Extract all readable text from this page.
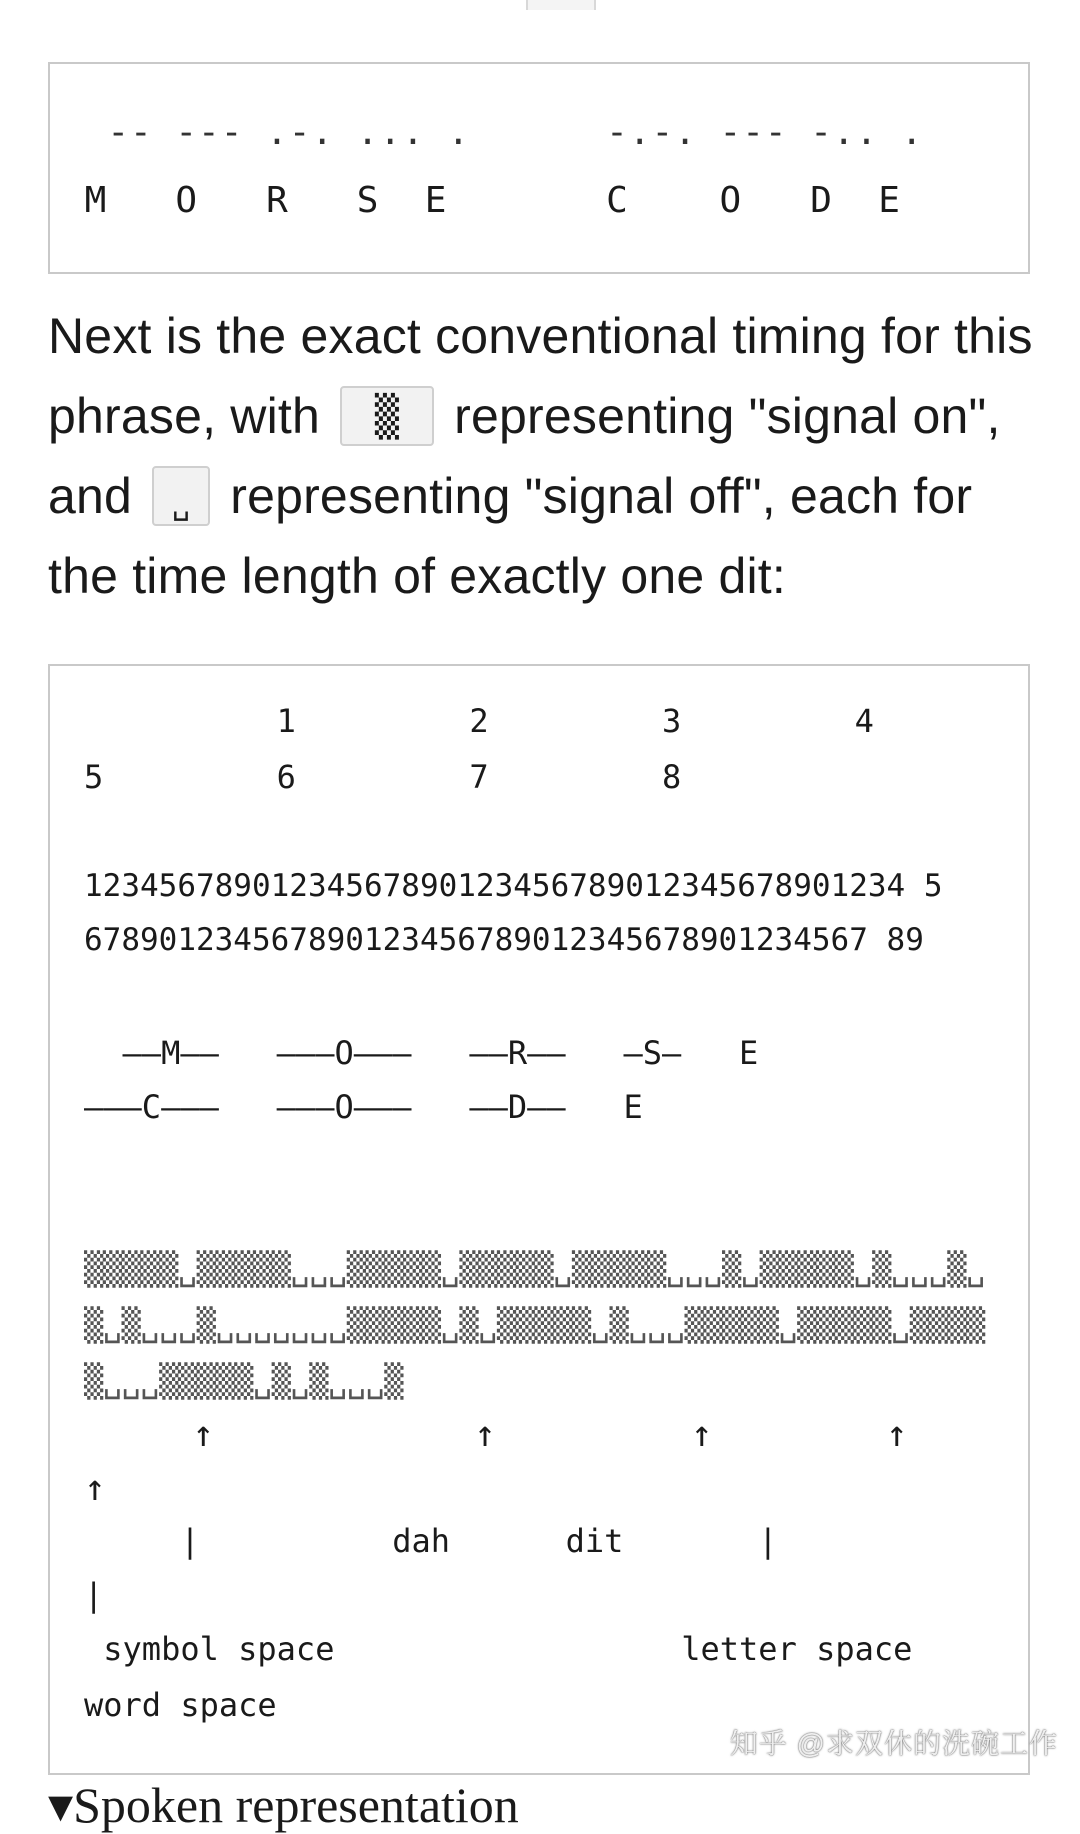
-- --- .-. ... .      -.-. --- -.. .
M   O   R   S  E       C    O   D  E
Next is the exact conventional timing for this phrase, with ▒ representing "signal on", and ␣ representing "signal off", each for the time length of exactly one dit:
1         2         3         4
5         6         7         8
12345678901234567890123456789012345678901234 5
678901234567890123456789012345678901234567 89
——M——   ———O———   ——R——   —S—   E
———C———   ———O———   ——D——   E
▒▒▒▒▒␣▒▒▒▒▒␣␣␣▒▒▒▒▒␣▒▒▒▒▒␣▒▒▒▒▒␣␣␣▒␣▒▒▒▒▒␣▒␣␣␣▒␣
▒␣▒␣␣␣▒␣␣␣␣␣␣␣▒▒▒▒▒␣▒␣▒▒▒▒▒␣▒␣␣␣▒▒▒▒▒␣▒▒▒▒▒␣▒▒▒▒
▒␣␣␣▒▒▒▒▒␣▒␣▒␣␣␣▒
↑            ↑         ↑        ↑
↑
|          dah      dit       |
|
symbol space                  letter space
word space
知乎 @求双休的洗碗工作
▾Spoken representation
